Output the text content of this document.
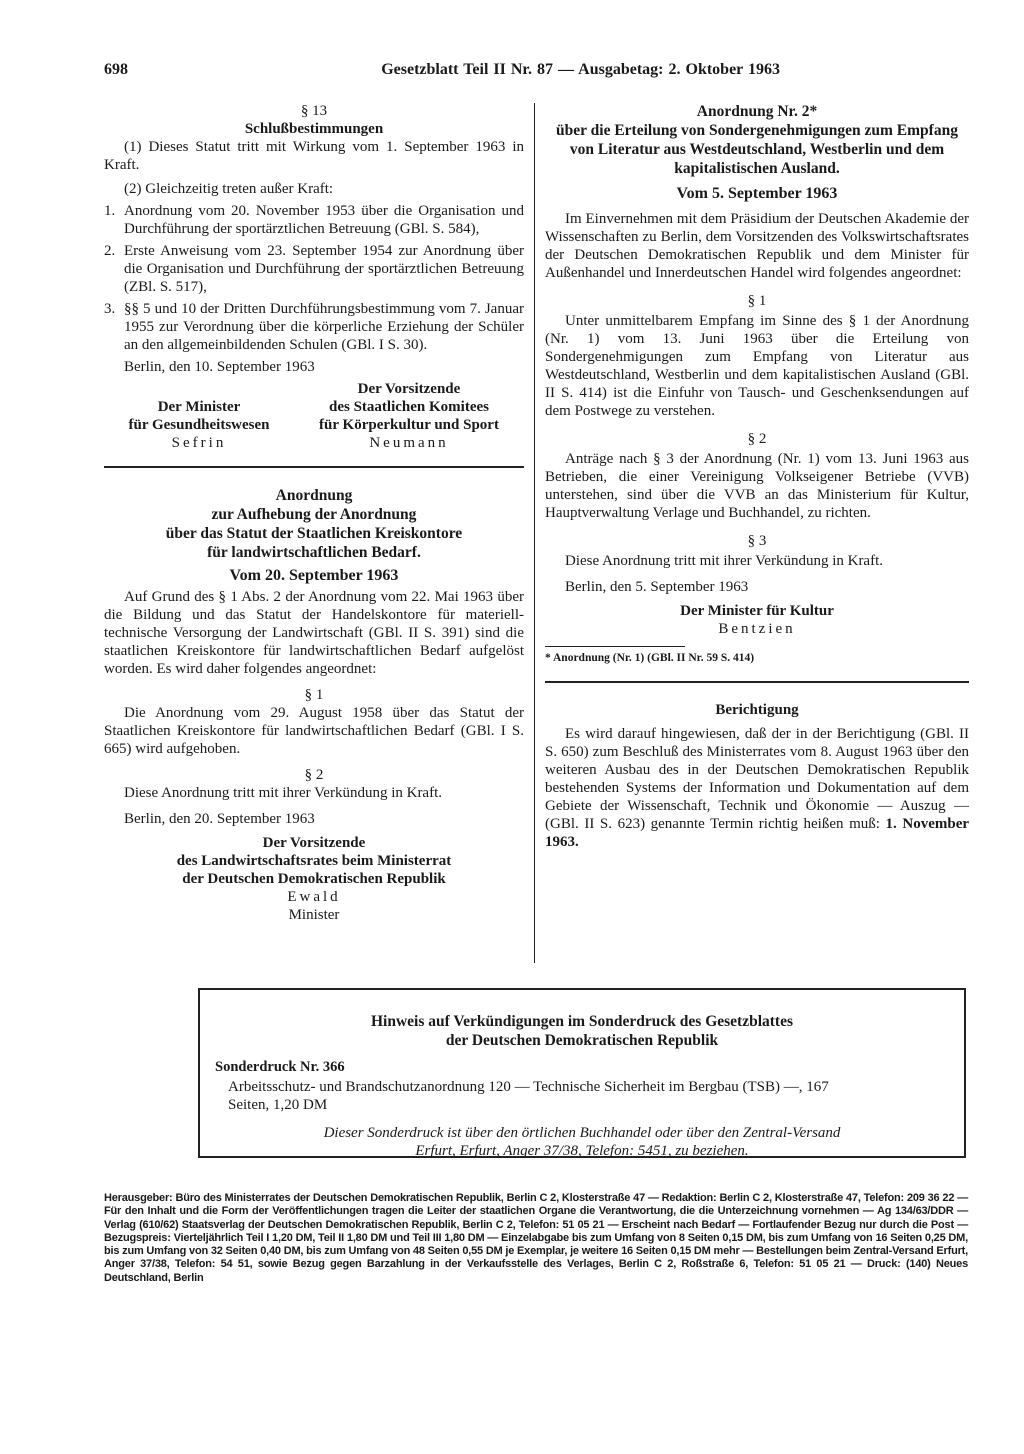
698	Gesetzblatt Teil II Nr. 87 — Ausgabetag: 2. Oktober 1963

§ 13

Schlußbestimmungen

(1) Dieses Statut tritt mit Wirkung vom 1. September 1963 in Kraft.

(2) Gleichzeitig treten außer Kraft:

1. Anordnung vom 20. November 1953 über die Organisation und Durchführung der sportärztlichen Betreuung (GBl. S. 584),
2. Erste Anweisung vom 23. September 1954 zur Anordnung über die Organisation und Durchführung der sportärztlichen Betreuung (ZBl. S. 517),
3. §§ 5 und 10 der Dritten Durchführungsbestimmung vom 7. Januar 1955 zur Verordnung über die körperliche Erziehung der Schüler an den allgemeinbildenden Schulen (GBl. I S. 30).

Berlin, den 10. September 1963

Der Minister

für Gesundheitswesen

Sefrin

Der Vorsitzende

des Staatlichen Komitees

für Körperkultur und Sport

Neumann

Anordnung

zur Aufhebung der Anordnung

über das Statut der Staatlichen Kreiskontore

für landwirtschaftlichen Bedarf.

Vom 20. September 1963

Auf Grund des § 1 Abs. 2 der Anordnung vom 22. Mai 1963 über die Bildung und das Statut der Handelskontore für materiell-technische Versorgung der Landwirtschaft (GBl. II S. 391) sind die staatlichen Kreiskontore für landwirtschaftlichen Bedarf aufgelöst worden. Es wird daher folgendes angeordnet:

§ 1

Die Anordnung vom 29. August 1958 über das Statut der Staatlichen Kreiskontore für landwirtschaftlichen Bedarf (GBl. I S. 665) wird aufgehoben.

§ 2

Diese Anordnung tritt mit ihrer Verkündung in Kraft.

Berlin, den 20. September 1963

Der Vorsitzende

des Landwirtschaftsrates beim Ministerrat

der Deutschen Demokratischen Republik

Ewald

Minister

Anordnung Nr. 2*

über die Erteilung von Sondergenehmigungen zum Empfang von Literatur aus Westdeutschland, Westberlin und dem kapitalistischen Ausland.

Vom 5. September 1963

Im Einvernehmen mit dem Präsidium der Deutschen Akademie der Wissenschaften zu Berlin, dem Vorsitzenden des Volkswirtschaftsrates der Deutschen Demokratischen Republik und dem Minister für Außenhandel und Innerdeutschen Handel wird folgendes angeordnet:

§ 1

Unter unmittelbarem Empfang im Sinne des § 1 der Anordnung (Nr. 1) vom 13. Juni 1963 über die Erteilung von Sondergenehmigungen zum Empfang von Literatur aus Westdeutschland, Westberlin und dem kapitalistischen Ausland (GBl. II S. 414) ist die Einfuhr von Tausch- und Geschenksendungen auf dem Postwege zu verstehen.

§ 2

Anträge nach § 3 der Anordnung (Nr. 1) vom 13. Juni 1963 aus Betrieben, die einer Vereinigung Volkseigener Betriebe (VVB) unterstehen, sind über die VVB an das Ministerium für Kultur, Hauptverwaltung Verlage und Buchhandel, zu richten.

§ 3

Diese Anordnung tritt mit ihrer Verkündung in Kraft.

Berlin, den 5. September 1963

Der Minister für Kultur

Bentzien

* Anordnung (Nr. 1) (GBl. II Nr. 59 S. 414)

Berichtigung

Es wird darauf hingewiesen, daß der in der Berichtigung (GBl. II S. 650) zum Beschluß des Ministerrates vom 8. August 1963 über den weiteren Ausbau des in der Deutschen Demokratischen Republik bestehenden Systems der Information und Dokumentation auf dem Gebiete der Wissenschaft, Technik und Ökonomie — Auszug — (GBl. II S. 623) genannte Termin richtig heißen muß: 1. November 1963.

Hinweis auf Verkündigungen im Sonderdruck des Gesetzblattes
der Deutschen Demokratischen Republik
Sonderdruck Nr. 366
Arbeitsschutz- und Brandschutzanordnung 120 — Technische Sicherheit im Bergbau (TSB) —, 167 Seiten, 1,20 DM
Dieser Sonderdruck ist über den örtlichen Buchhandel oder über den Zentral-Versand
Erfurt, Erfurt, Anger 37/38, Telefon: 5451, zu beziehen.
Herausgeber: Büro des Ministerrates der Deutschen Demokratischen Republik, Berlin C 2, Klosterstraße 47 — Redaktion: Berlin C 2, Klosterstraße 47, Telefon: 209 36 22 — Für den Inhalt und die Form der Veröffentlichungen tragen die Leiter der staatlichen Organe die Verantwortung, die die Unterzeichnung vornehmen — Ag 134/63/DDR — Verlag (610/62) Staatsverlag der Deutschen Demokratischen Republik, Berlin C 2, Telefon: 51 05 21 — Erscheint nach Bedarf — Fortlaufender Bezug nur durch die Post — Bezugspreis: Vierteljährlich Teil I 1,20 DM, Teil II 1,80 DM und Teil III 1,80 DM — Einzelabgabe bis zum Umfang von 8 Seiten 0,15 DM, bis zum Umfang von 16 Seiten 0,25 DM, bis zum Umfang von 32 Seiten 0,40 DM, bis zum Umfang von 48 Seiten 0,55 DM je Exemplar, je weitere 16 Seiten 0,15 DM mehr — Bestellungen beim Zentral-Versand Erfurt, Anger 37/38, Telefon: 54 51, sowie Bezug gegen Barzahlung in der Verkaufsstelle des Verlages, Berlin C 2, Roßstraße 6, Telefon: 51 05 21 — Druck: (140) Neues Deutschland, Berlin
